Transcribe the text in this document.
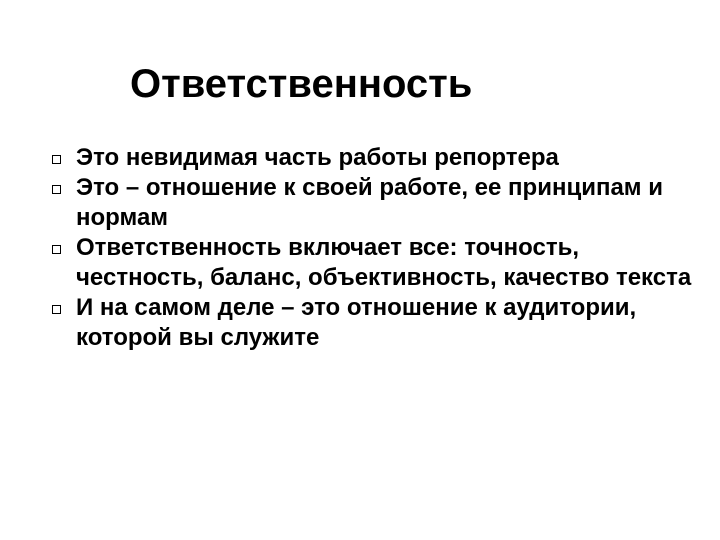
Ответственность
Это невидимая часть работы репортера
Это – отношение к своей работе, ее принципам и нормам
Ответственность включает все: точность, честность, баланс, объективность, качество текста
И на самом деле – это отношение к аудитории, которой вы служите
